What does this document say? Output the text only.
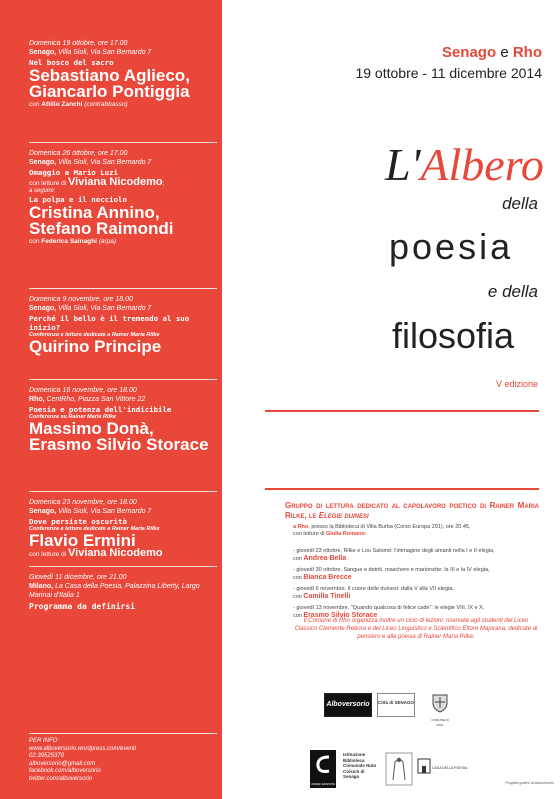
Domenica 19 ottobre, ore 17.00
Senago, Villa Sioli, Via San Bernardo 7
Nel bosco del sacro
Sebastiano Aglieco,
Giancarlo Pontiggia
con Attilio Zanchi (contrabbasso)
Domenica 26 ottobre, ore 17.00
Senago, Villa Sioli, Via San Bernardo 7
Omaggio a Mario Luzi
con letture di Viviana Nicodemo;
a seguire:
La polpa e il nocciolo
Cristina Annino,
Stefano Raimondi
con Federica Sainaghi (arpa)
Domenica 9 novembre, ore 18.00
Senago, Villa Sioli, Via San Bernardo 7
Perché il bello è il tremendo al suo inizio?
Conferenza e letture dedicate a Rainer Maria Rilke
Quirino Principe
Domenica 16 novembre, ore 18.00
Rho, CentRho, Piazza San Vittore 22
Poesia e potenza dell'indicibile
Conferenza su Rainer Maria Rilke
Massimo Donà,
Erasmo Silvio Storace
Domenica 23 novembre, ore 18.00
Senago, Villa Sioli, Via San Bernardo 7
Dove persiste oscurità
Conferenza e letture dedicate a Rainer Maria Rilke
Flavio Ermini
con letture di Viviana Nicodemo
Giovedì 11 dicembre, ore 21.00
Milano, La Casa della Poesia, Palazzina Liberty, Largo Marinai d'Italia 1
Programma da definirsi
PER INFO:
www.alboversorio.wordpress.com/eventi
02.39525370
alboversorio@gmail.com
facebook.com/alboversorio
twitter.com/alboversorio
Senago e Rho
19 ottobre - 11 dicembre 2014
L'Albero
della
poesia
e della
filosofia
V edizione
Gruppo di lettura dedicato al capolavoro poetico di Rainer Maria Rilke, le Elegie duinesi
a Rho, presso la Biblioteca di Villa Burba (Corso Europa 291), ore 20.45,
con letture di Giulia Romano:
- giovedì 23 ottobre, Rilke e Lou Salomé: l'immagine degli amanti nella I e II elegia,
con Andrea Bella
- giovedì 30 ottobre, Sangue e detriti, maschere e marionette: la III e la IV elegia,
con Bianca Brecce
- giovedì 6 novembre, Il cuore delle duinesi: dalla V alla VII elegia,
con Camilla Tinelli
- giovedì 13 novembre, "Quando qualcosa di felice cade": le elegie VIII, IX e X,
con Erasmo Silvio Storace
Il Comune di Rho organizza inoltre un ciclo di lezioni, riservate agli studenti del Liceo Classico Clemente Rebora e del Liceo Linguistico e Scientifico Ettore Majorana, dedicate al pensiero e alla poesia di Rainer Maria Rilke.
Alboversorio	Città di SENAGO
COMUNE DI RHO
ANIERI EDIZIONI
Istituzione Biblioteca Comunale Nuto Coisich di Senago
CASA DELLA POESIA
Progetto grafico di Alboversorio
